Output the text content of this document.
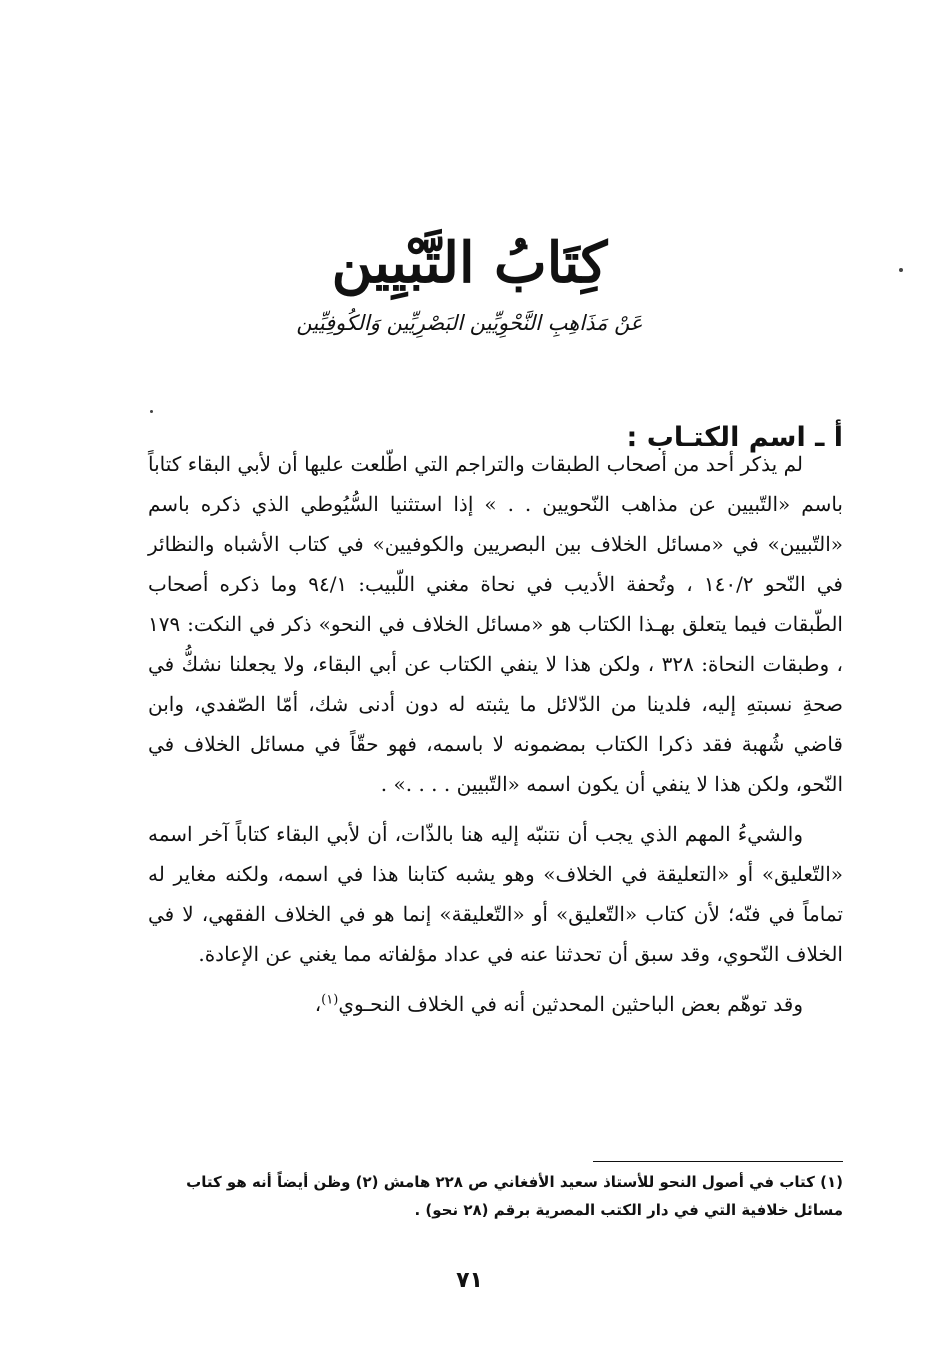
كِتَابُ التَّبْيِين

عَنْ مَذَاهِبِ النَّحْوِيِّين البَصْرِيِّين وَالكُوفِيِّين

أ ـ اسم الكتـاب :

لم يذكر أحد من أصحاب الطبقات والتراجم التي اطّلعت عليها أن لأبي البقاء كتاباً باسم «التّبيين عن مذاهب النّحويين . . » إذا استثنيا السُّيُوطي الذي ذكره باسم «التّبيين» في «مسائل الخلاف بين البصريين والكوفيين» في كتاب الأشباه والنظائر في النّحو ١٤٠/٢ ، وتُحفة الأديب في نحاة مغني اللّبيب: ٩٤/١ وما ذكره أصحاب الطّبقات فيما يتعلق بهـذا الكتاب هو «مسائل الخلاف في النحو» ذكر في النكت: ١٧٩ ، وطبقات النحاة: ٣٢٨ ، ولكن هذا لا ينفي الكتاب عن أبي البقاء، ولا يجعلنا نشكُّ في صحةِ نسبتهِ إليه، فلدينا من الدّلائل ما يثبته له دون أدنى شك، أمّا الصّفدي، وابن قاضي شُهبة فقد ذكرا الكتاب بمضمونه لا باسمه، فهو حقّاً في مسائل الخلاف في النّحو، ولكن هذا لا ينفي أن يكون اسمه «التّبيين . . . .» .

والشيءُ المهم الذي يجب أن نتنبّه إليه هنا بالذّات، أن لأبي البقاء كتاباً آخر اسمه «التّعليق» أو «التعليقة في الخلاف» وهو يشبه كتابنا هذا في اسمه، ولكنه مغاير له تماماً في فنّه؛ لأن كتاب «التّعليق» أو «التّعليقة» إنما هو في الخلاف الفقهي، لا في الخلاف النّحوي، وقد سبق أن تحدثنا عنه في عداد مؤلفاته مما يغني عن الإعادة.

وقد توهّم بعض الباحثين المحدثين أنه في الخلاف النحـوي$^{(١)}$،

(١) كتاب في أصول النحو للأستاذ سعيد الأفغاني ص ٢٢٨ هامش (٢) وظن أيضاً أنه هو كتاب مسائل خلافية التي في دار الكتب المصرية برقم (٢٨ نحو) .

٧١
